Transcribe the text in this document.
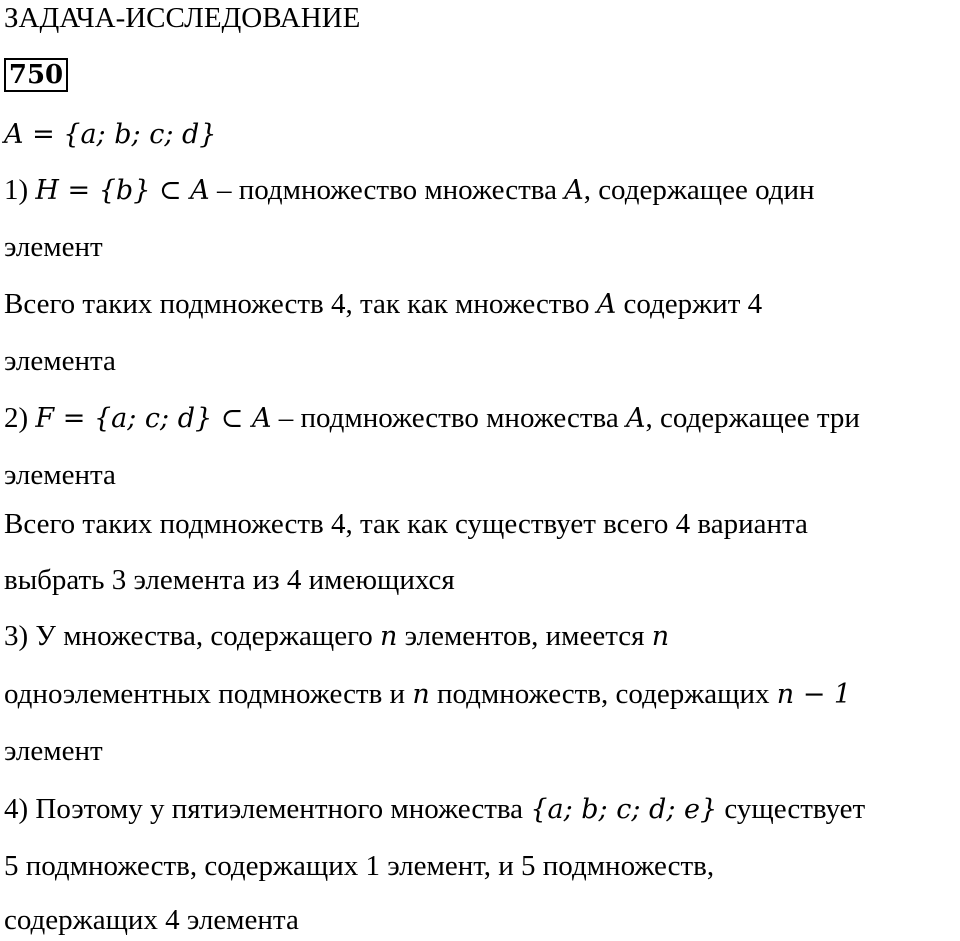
ЗАДАЧА-ИССЛЕДОВАНИЕ
750
A = {a; b; c; d}
1) H = {b} ⊂ A – подмножество множества A, содержащее один
элемент
Всего таких подмножеств 4, так как множество A содержит 4
элемента
2) F = {a; c; d} ⊂ A – подмножество множества A, содержащее три
элемента
Всего таких подмножеств 4, так как существует всего 4 варианта
выбрать 3 элемента из 4 имеющихся
3) У множества, содержащего n элементов, имеется n
одноэлементных подмножеств и n подмножеств, содержащих n − 1
элемент
4) Поэтому у пятиэлементного множества {a; b; c; d; e} существует
5 подмножеств, содержащих 1 элемент, и 5 подмножеств,
содержащих 4 элемента
